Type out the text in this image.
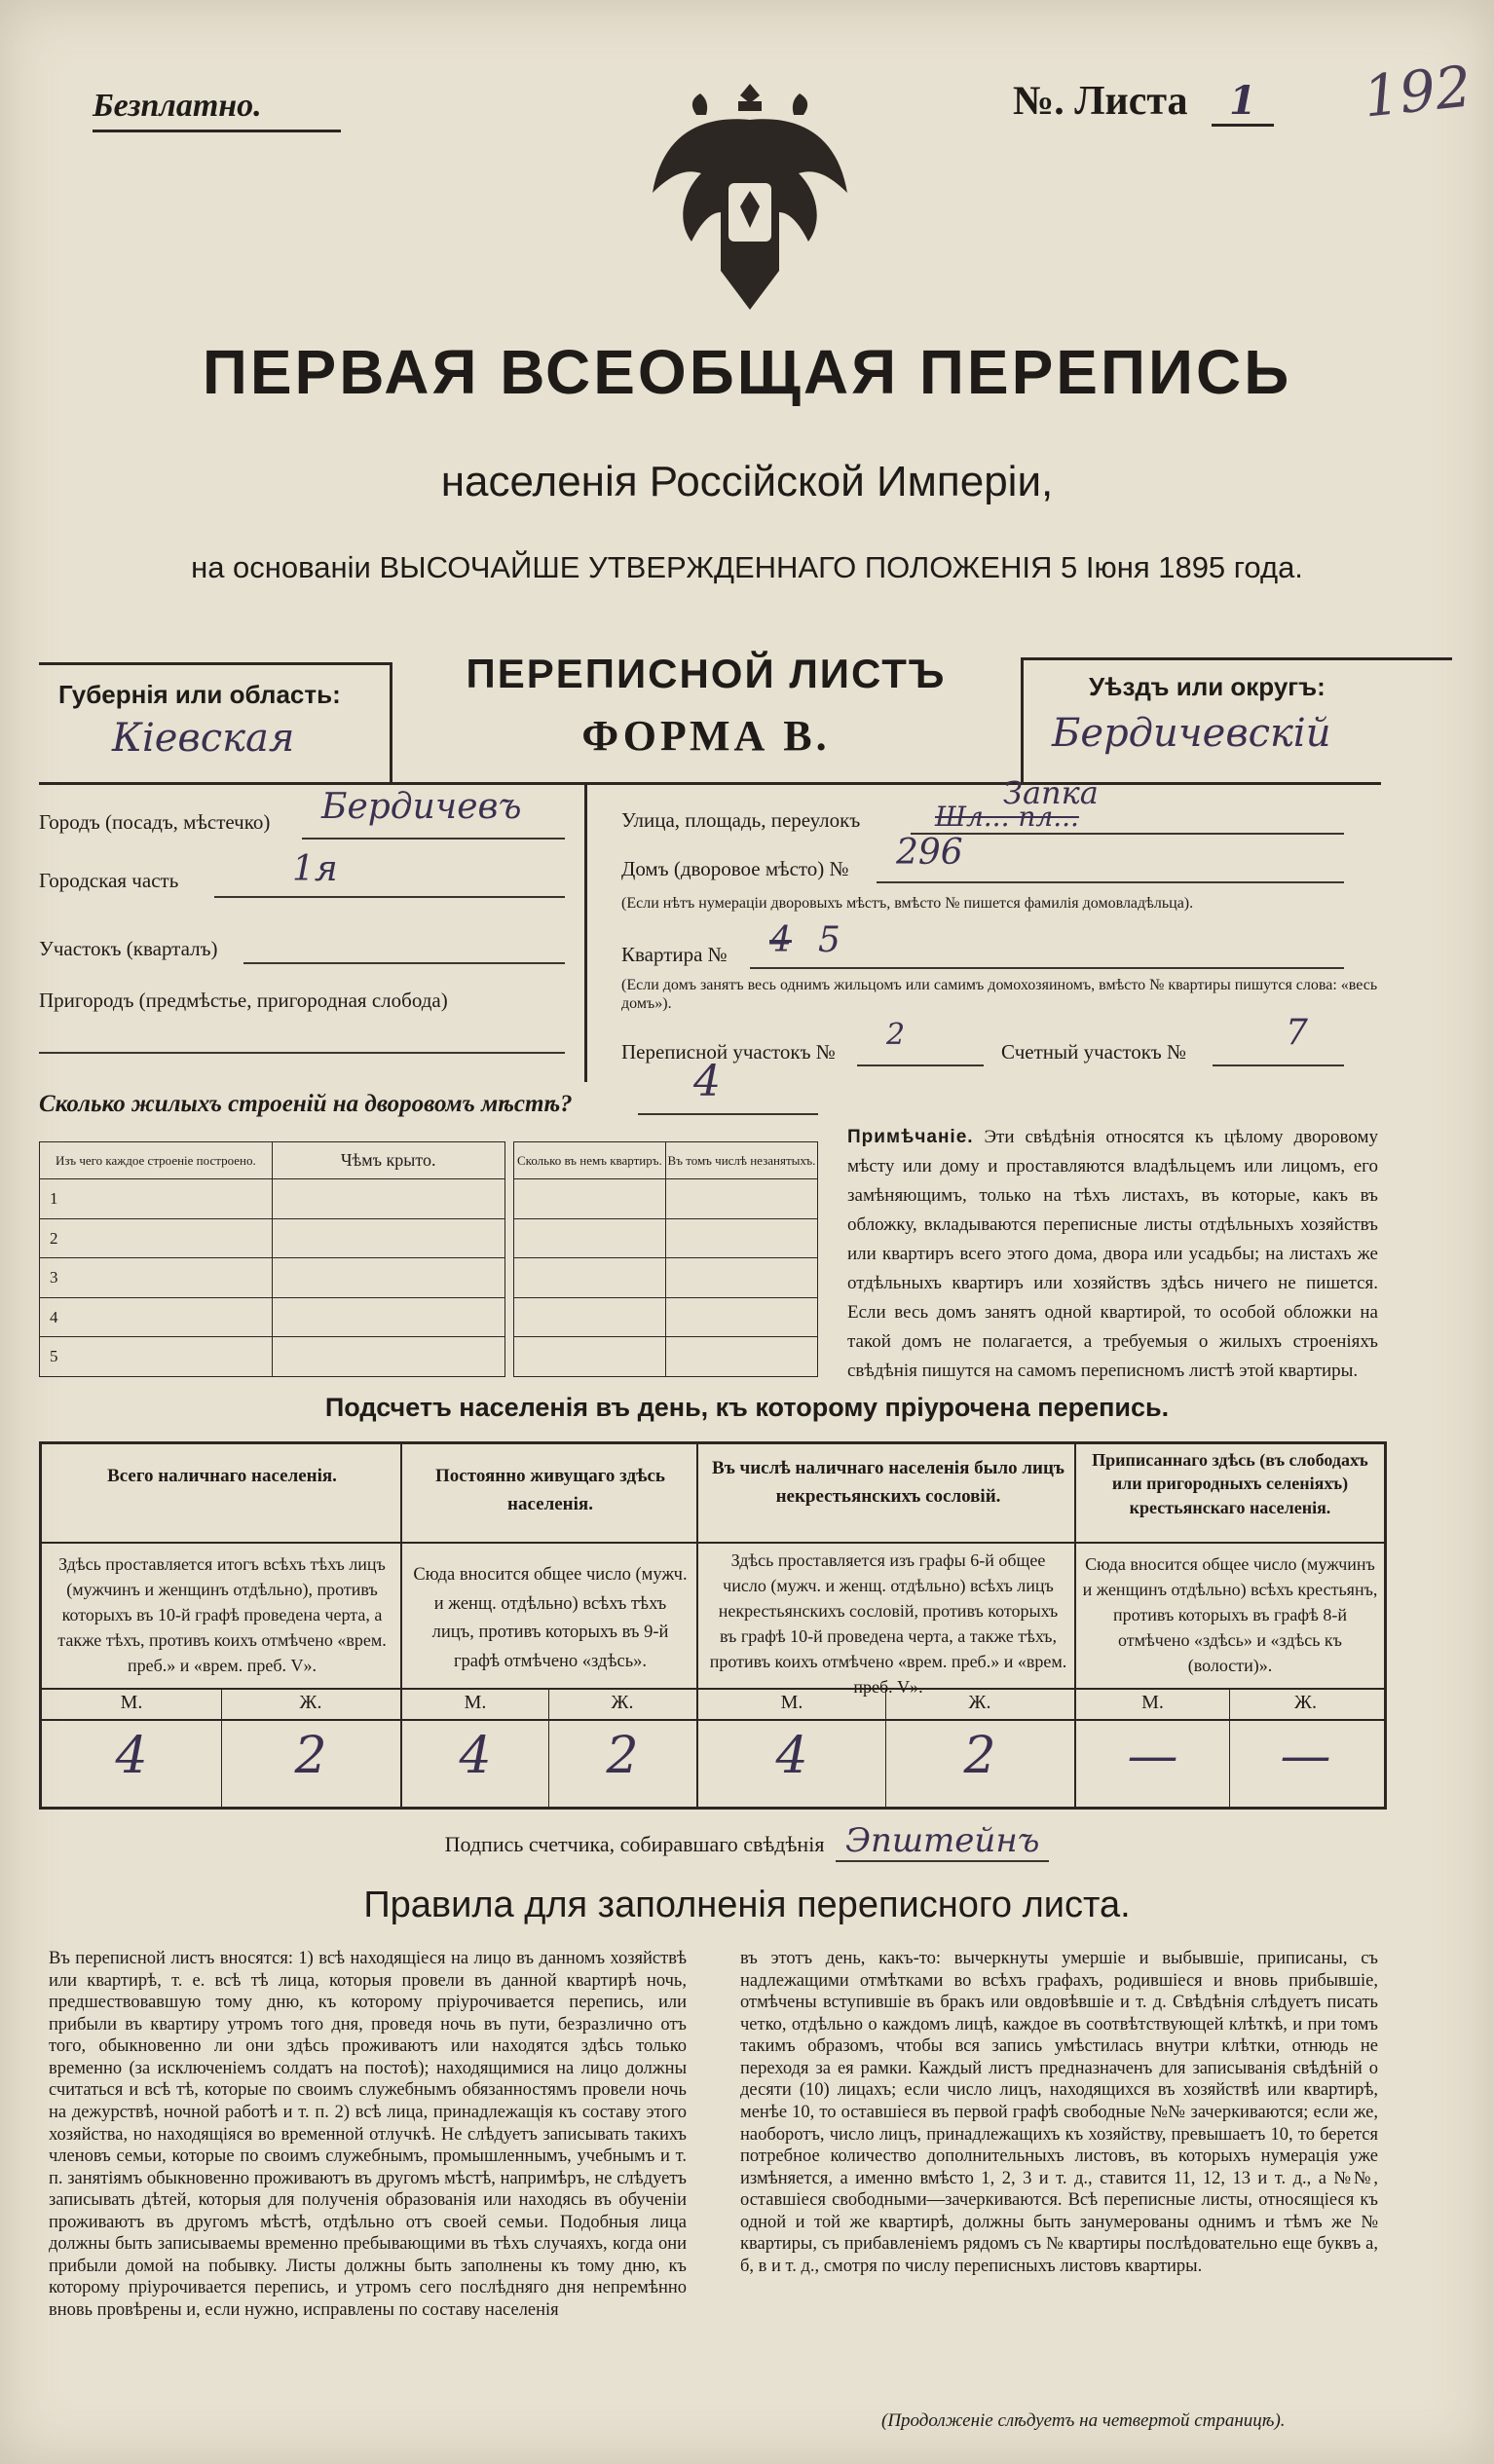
Безплатно.	№. Листа 1	192
ПЕРВАЯ ВСЕОБЩАЯ ПЕРЕПИСЬ
населенія Россійской Имперіи,
на основаніи ВЫСОЧАЙШЕ УТВЕРЖДЕННАГО ПОЛОЖЕНІЯ 5 Іюня 1895 года.
Губернія или область:
Кіевская
ПЕРЕПИСНОЙ ЛИСТЪ
ФОРМА В.
Уѣздъ или округъ:
Бердичевскій
Городъ (посадъ, мѣстечко) Бердичевъ
Городская часть	1я
Участокъ (кварталъ)
Пригородъ (предмѣстье, пригородная слобода)
Улица, площадь, переулокъ	Шл... пл...
Запка
Домъ (дворовое мѣсто) № 296
(Если нѣтъ нумераціи дворовыхъ мѣстъ, вмѣсто № пишется фамилія домовладѣльца).
Квартира № 4 5
(Если домъ занятъ весь однимъ жильцомъ или самимъ домохозяиномъ, вмѣсто № квартиры пишутся слова: «весь домъ»).
Переписной участокъ № 2	Счетный участокъ №	7
Сколько жилыхъ строеній на дворовомъ мѣстѣ?	4
Изъ чего каждое строеніе построено.	Чѣмъ крыто.		Сколько въ немъ квартиръ.	Въ томъ числѣ незанятыхъ.
1				
2				
3				
4				
5				
Примѣчаніе. Эти свѣдѣнія относятся къ цѣлому дворовому мѣсту или дому и проставляются владѣльцемъ или лицомъ, его замѣняющимъ, только на тѣхъ листахъ, въ которые, какъ въ обложку, вкладываются переписные листы отдѣльныхъ хозяйствъ или квартиръ всего этого дома, двора или усадьбы; на листахъ же отдѣльныхъ квартиръ или хозяйствъ здѣсь ничего не пишется. Если весь домъ занятъ одной квартирой, то особой обложки на такой домъ не полагается, а требуемыя о жилыхъ строеніяхъ свѣдѣнія пишутся на самомъ переписномъ листѣ этой квартиры.
Подсчетъ населенія въ день, къ которому пріурочена перепись.
Всего наличнаго населенія.
Здѣсь проставляется итогъ всѣхъ тѣхъ лицъ (мужчинъ и женщинъ отдѣльно), противъ которыхъ въ 10-й графѣ проведена черта, а также тѣхъ, противъ коихъ отмѣчено «врем. преб.» и «врем. преб. V».
М.	Ж.
4	2
Постоянно живущаго здѣсь населенія.
Сюда вносится общее число (мужч. и женщ. отдѣльно) всѣхъ тѣхъ лицъ, противъ которыхъ въ 9-й графѣ отмѣчено «здѣсь».
М.	Ж.
4	2
Въ числѣ наличнаго населенія было лицъ некрестьянскихъ сословій.
Здѣсь проставляется изъ графы 6-й общее число (мужч. и женщ. отдѣльно) всѣхъ лицъ некрестьянскихъ сословій, противъ которыхъ въ графѣ 10-й проведена черта, а также тѣхъ, противъ коихъ отмѣчено «врем. преб.» и «врем. преб. V».
М.	Ж.
4	2
Приписаннаго здѣсь (въ слободахъ или пригородныхъ селеніяхъ) крестьянскаго населенія.
Сюда вносится общее число (мужчинъ и женщинъ отдѣльно) всѣхъ крестьянъ, противъ которыхъ въ графѣ 8-й отмѣчено «здѣсь» и «здѣсь къ (волости)».
М.	Ж.
—	—
Подпись счетчика, собиравшаго свѣдѣнія Эпштейнъ
Правила для заполненія переписного листа.
Въ переписной листъ вносятся: 1) всѣ находящіеся на лицо въ данномъ хозяйствѣ или квартирѣ, т. е. всѣ тѣ лица, которыя провели въ данной квартирѣ ночь, предшествовавшую тому дню, къ которому пріурочивается перепись, или прибыли въ квартиру утромъ того дня, проведя ночь въ пути, безразлично отъ того, обыкновенно ли они здѣсь проживаютъ или находятся здѣсь только временно (за исключеніемъ солдатъ на постоѣ); находящимися на лицо должны считаться и всѣ тѣ, которые по своимъ служебнымъ обязанностямъ провели ночь на дежурствѣ, ночной работѣ и т. п. 2) всѣ лица, принадлежащія къ составу этого хозяйства, но находящіяся во временной отлучкѣ. Не слѣдуетъ записывать такихъ членовъ семьи, которые по своимъ служебнымъ, промышленнымъ, учебнымъ и т. п. занятіямъ обыкновенно проживаютъ въ другомъ мѣстѣ, напримѣръ, не слѣдуетъ записывать дѣтей, которыя для полученія образованія или находясь въ обученіи проживаютъ въ другомъ мѣстѣ, отдѣльно отъ своей семьи. Подобныя лица должны быть записываемы временно пребывающими въ тѣхъ случаяхъ, когда они прибыли домой на побывку. Листы должны быть заполнены къ тому дню, къ которому пріурочивается перепись, и утромъ сего послѣдняго дня непремѣнно вновь провѣрены и, если нужно, исправлены по составу населенія
въ этотъ день, какъ-то: вычеркнуты умершіе и выбывшіе, приписаны, съ надлежащими отмѣтками во всѣхъ графахъ, родившіеся и вновь прибывшіе, отмѣчены вступившіе въ бракъ или овдовѣвшіе и т. д. Свѣдѣнія слѣдуетъ писать четко, отдѣльно о каждомъ лицѣ, каждое въ соотвѣтствующей клѣткѣ, и при томъ такимъ образомъ, чтобы вся запись умѣстилась внутри клѣтки, отнюдь не переходя за ея рамки. Каждый листъ предназначенъ для записыванія свѣдѣній о десяти (10) лицахъ; если число лицъ, находящихся въ хозяйствѣ или квартирѣ, менѣе 10, то оставшіеся въ первой графѣ свободные №№ зачеркиваются; если же, наоборотъ, число лицъ, принадлежащихъ къ хозяйству, превышаетъ 10, то берется потребное количество дополнительныхъ листовъ, въ которыхъ нумерація уже измѣняется, а именно вмѣсто 1, 2, 3 и т. д., ставится 11, 12, 13 и т. д., а №№, оставшіеся свободными—зачеркиваются. Всѣ переписные листы, относящіеся къ одной и той же квартирѣ, должны быть занумерованы однимъ и тѣмъ же № квартиры, съ прибавленіемъ рядомъ съ № квартиры послѣдовательно еще буквъ а, б, в и т. д., смотря по числу переписныхъ листовъ квартиры.
(Продолженіе слѣдуетъ на четвертой страницѣ).
